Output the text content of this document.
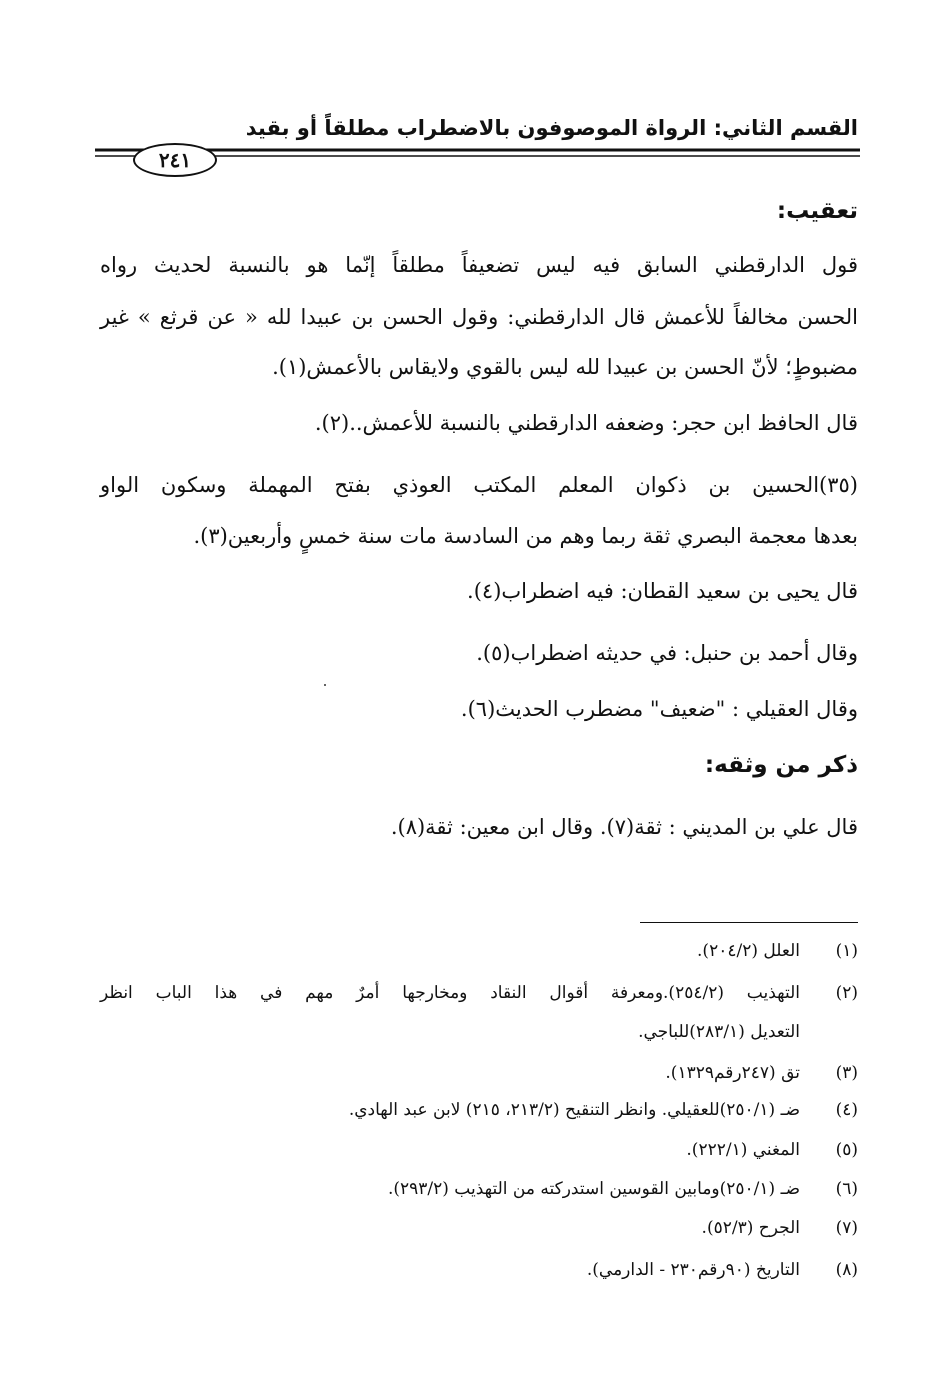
القسم الثاني: الرواة الموصوفون بالاضطراب مطلقاً أو بقيد
٢٤١
تعقيب:
قول الدارقطني السابق فيه ليس تضعيفاً مطلقاً إنّما هو بالنسبة لحديث رواه
الحسن مخالفاً للأعمش قال الدارقطني: وقول الحسن بن عبيدا لله « عن قرثع » غير
مضبوطٍ؛ لأنّ الحسن بن عبيدا لله ليس بالقوي ولايقاس بالأعمش(١).
قال الحافظ ابن حجر: وضعفه الدارقطني بالنسبة للأعمش..(٢).
(٣٥)الحسين بن ذكوان المعلم المكتب العوذي بفتح المهملة وسكون الواو
بعدها معجمة البصري ثقة ربما وهم من السادسة مات سنة خمسٍ وأربعين(٣).
قال يحيى بن سعيد القطان: فيه اضطراب(٤).
وقال أحمد بن حنبل: في حديثه اضطراب(٥).
وقال العقيلي : "ضعيف" مضطرب الحديث(٦).
ذكر من وثقه:
قال علي بن المديني : ثقة(٧). وقال ابن معين: ثقة(٨).
(١)العلل (٢٠٤/٢).
(٢)التهذيب (٢٥٤/٢).ومعرفة أقوال النقاد ومخارجها أمرٌ مهم في هذا الباب انظر
التعديل (٢٨٣/١)للباجي.
(٣)تق (٢٤٧رقم١٣٢٩).
(٤)ضـ (٢٥٠/١)للعقيلي. وانظر التنقيح (٢١٣/٢، ٢١٥) لابن عبد الهادي.
(٥)المغني (٢٢٢/١).
(٦)ضـ (٢٥٠/١)ومابين القوسين استدركته من التهذيب (٢٩٣/٢).
(٧)الجرح (٥٢/٣).
(٨)التاريخ (٩٠رقم٢٣٠ - الدارمي).
